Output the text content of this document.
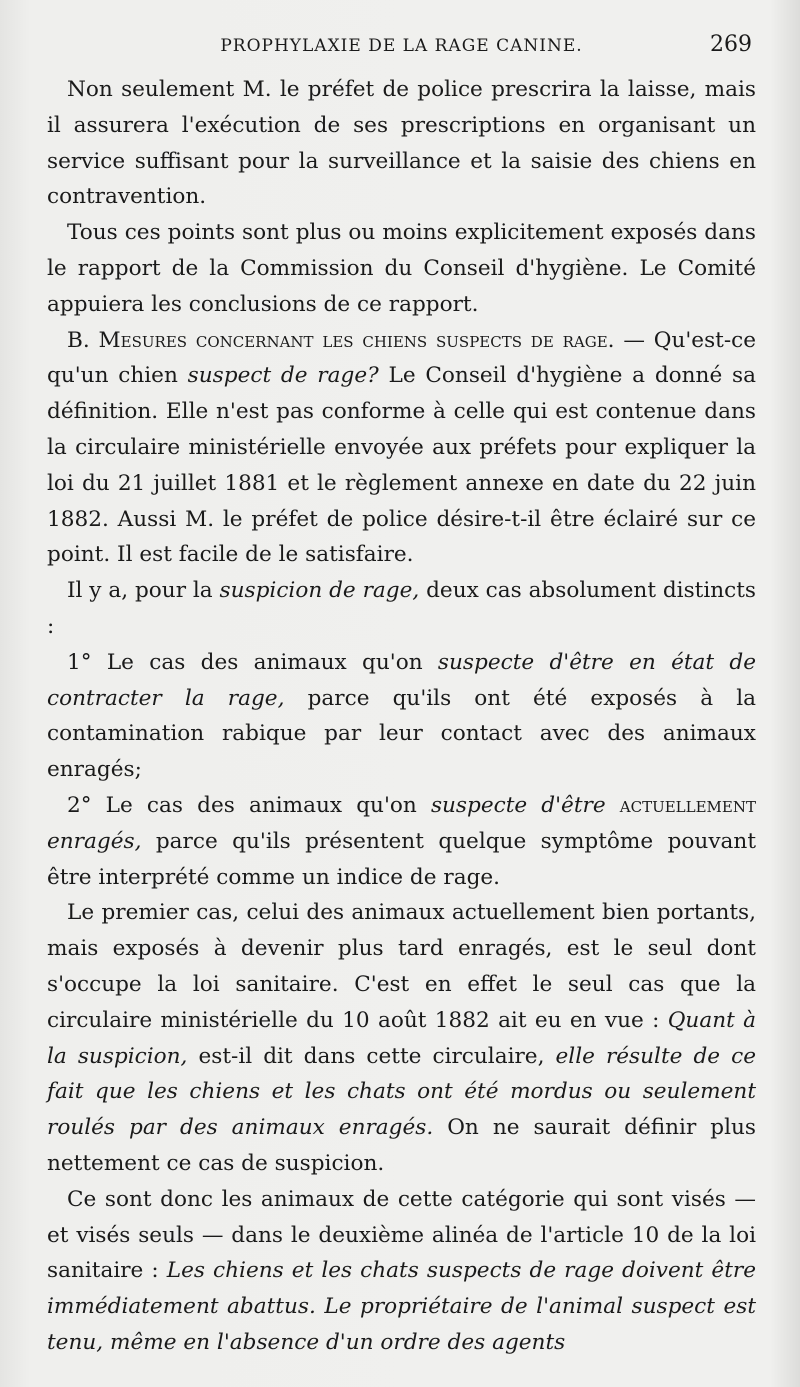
PROPHYLAXIE DE LA RAGE CANINE.	269

Non seulement M. le préfet de police prescrira la laisse, mais il assurera l'exécution de ses prescriptions en organisant un service suffisant pour la surveillance et la saisie des chiens en contravention.

Tous ces points sont plus ou moins explicitement exposés dans le rapport de la Commission du Conseil d'hygiène. Le Comité appuiera les conclusions de ce rapport.

B. Mesures concernant les chiens suspects de rage. — Qu'est-ce qu'un chien suspect de rage? Le Conseil d'hygiène a donné sa définition. Elle n'est pas conforme à celle qui est contenue dans la circulaire ministérielle envoyée aux préfets pour expliquer la loi du 21 juillet 1881 et le règlement annexe en date du 22 juin 1882. Aussi M. le préfet de police désire-t-il être éclairé sur ce point. Il est facile de le satisfaire.

Il y a, pour la suspicion de rage, deux cas absolument distincts :

1° Le cas des animaux qu'on suspecte d'être en état de contracter la rage, parce qu'ils ont été exposés à la contamination rabique par leur contact avec des animaux enragés;

2° Le cas des animaux qu'on suspecte d'être actuellement enragés, parce qu'ils présentent quelque symptôme pouvant être interprété comme un indice de rage.

Le premier cas, celui des animaux actuellement bien portants, mais exposés à devenir plus tard enragés, est le seul dont s'occupe la loi sanitaire. C'est en effet le seul cas que la circulaire ministérielle du 10 août 1882 ait eu en vue : Quant à la suspicion, est-il dit dans cette circulaire, elle résulte de ce fait que les chiens et les chats ont été mordus ou seulement roulés par des animaux enragés. On ne saurait définir plus nettement ce cas de suspicion.

Ce sont donc les animaux de cette catégorie qui sont visés — et visés seuls — dans le deuxième alinéa de l'article 10 de la loi sanitaire : Les chiens et les chats suspects de rage doivent être immédiatement abattus. Le propriétaire de l'animal suspect est tenu, même en l'absence d'un ordre des agents
